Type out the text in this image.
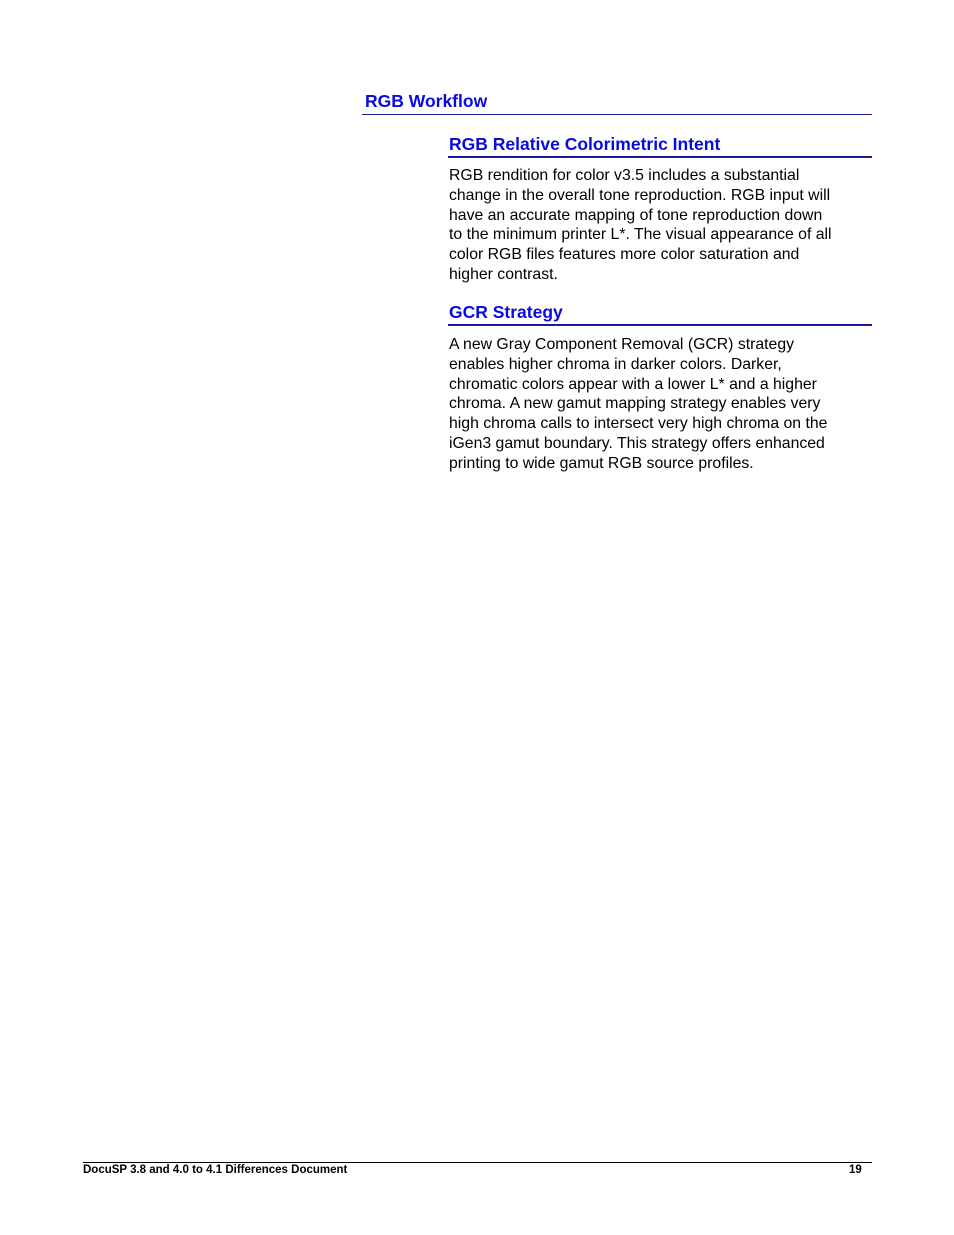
RGB Workflow
RGB Relative Colorimetric Intent

RGB rendition for color v3.5 includes a substantial
change in the overall tone reproduction. RGB input will
have an accurate mapping of tone reproduction down
to the minimum printer L*. The visual appearance of all
color RGB files features more color saturation and
higher contrast.

GCR Strategy

A new Gray Component Removal (GCR) strategy
enables higher chroma in darker colors. Darker,
chromatic colors appear with a lower L* and a higher
chroma. A new gamut mapping strategy enables very
high chroma calls to intersect very high chroma on the
iGen3 gamut boundary. This strategy offers enhanced
printing to wide gamut RGB source profiles.

DocuSP 3.8 and 4.0 to 4.1 Differences Document	19
